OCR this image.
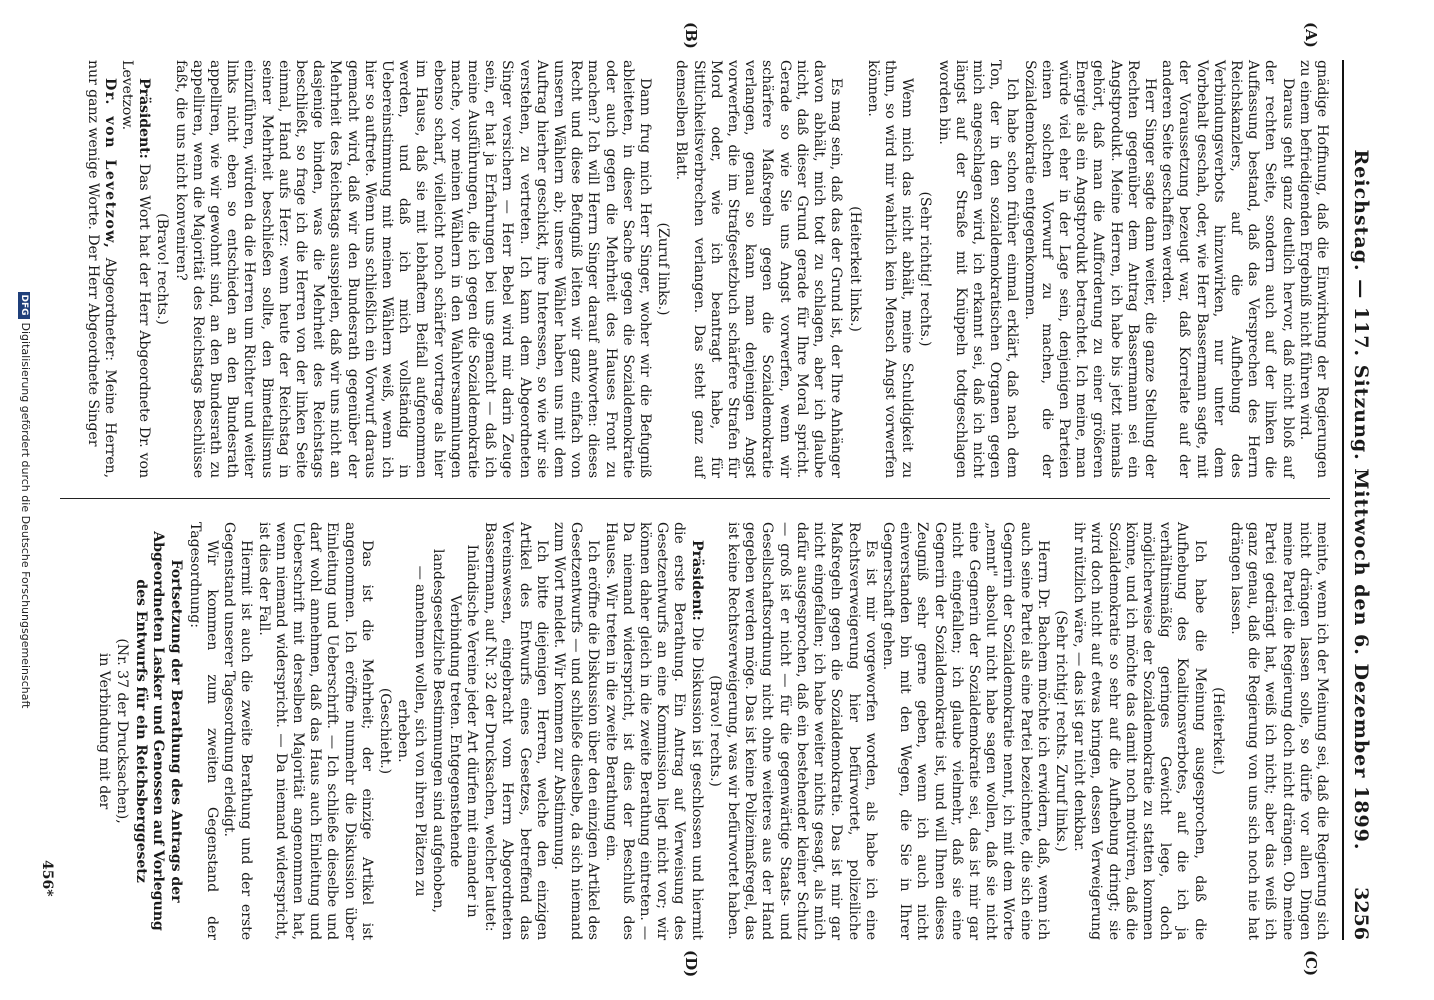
Reichstag. — 117. Sitzung. Mittwoch den 6. Dezember 1899.
3256
(A)
(B)
(C)
(D)

gnädige Hoffnung, daß die Einwirkung der Regierungen zu einem befriedigenden Ergebniß nicht führen wird.

Daraus geht ganz deutlich hervor, daß nicht bloß auf der rechten Seite, sondern auch auf der linken die Auffassung bestand, daß das Versprechen des Herrn Reichskanzlers, auf die Aufhebung des Verbindungsverbots hinzuwirken, nur unter dem Vorbehalt geschah, oder, wie Herr Bassermann sagte, mit der Voraussetzung bezeugt war, daß Korrelate auf der anderen Seite geschaffen werden.

Herr Singer sagte dann weiter, die ganze Stellung der Rechten gegenüber dem Antrag Bassermann sei ein Angstprodukt. Meine Herren, ich habe bis jetzt niemals gehört, daß man die Aufforderung zu einer größeren Energie als ein Angstprodukt betrachtet. Ich meine, man würde viel eher in der Lage sein, denjenigen Parteien einen solchen Vorwurf zu machen, die der Sozialdemokratie entgegenkommen.

Ich habe schon früher einmal erklärt, daß nach dem Ton, der in den sozialdemokratischen Organen gegen mich angeschlagen wird, ich erkannt sei, daß ich nicht längst auf der Straße mit Knüppeln todtgeschlagen worden bin.

(Sehr richtig! rechts.)

Wenn mich das nicht abhält, meine Schuldigkeit zu thun, so wird mir wahrlich kein Mensch Angst vorwerfen können.

(Heiterkeit links.)

Es mag sein, daß das der Grund ist, der Ihre Anhänger davon abhält, mich todt zu schlagen, aber ich glaube nicht, daß dieser Grund gerade für Ihre Moral spricht. Gerade so wie Sie uns Angst vorwerfen, wenn wir schärfere Maßregeln gegen die Sozialdemokratie verlangen, genau so kann man denjenigen Angst vorwerfen, die im Strafgesetzbuch schärfere Strafen für Mord oder, wie ich beantragt habe, für Sittlichkeitsverbrechen verlangen. Das steht ganz auf demselben Blatt.

(Zuruf links.)

Dann frug mich Herr Singer, woher wir die Befugniß ableiteten, in dieser Sache gegen die Sozialdemokratie oder auch gegen die Mehrheit des Hauses Front zu machen? Ich will Herrn Singer darauf antworten: dieses Recht und diese Befugniß leiten wir ganz einfach von unseren Wählern ab; unsere Wähler haben uns mit dem Auftrag hierher geschickt, ihre Interessen, so wie wir sie verstehen, zu vertreten. Ich kann dem Abgeordneten Singer versichern — Herr Bebel wird mir darin Zeuge sein, er hat ja Erfahrungen bei uns gemacht — daß ich meine Ausführungen, die ich gegen die Sozialdemokratie mache, vor meinen Wählern in den Wahlversammlungen ebenso scharf, vielleicht noch schärfer vortrage als hier im Hause, daß sie mit lebhaftem Beifall aufgenommen werden, und daß ich mich vollständig in Uebereinstimmung mit meinen Wählern weiß, wenn ich hier so auftrete. Wenn uns schließlich ein Vorwurf daraus gemacht wird, daß wir den Bundesrath gegenüber der Mehrheit des Reichstags ausspielen, daß wir uns nicht an dasjenige binden, was die Mehrheit des Reichstags beschließt, so frage ich die Herren von der linken Seite einmal, Hand aufs Herz: wenn heute der Reichstag in seiner Mehrheit beschließen sollte, den Bimetallismus einzuführen, würden da die Herren um Richter und weiter links nicht eben so entschieden an den Bundesrath appelliren, wie wir gewohnt sind, an den Bundesrath zu appelliren, wenn die Majorität des Reichstags Beschlüsse faßt, die uns nicht konveniren?

(Bravo! rechts.)

Präsident: Das Wort hat der Herr Abgeordnete Dr. von Levetzow.

Dr. von Levetzow, Abgeordneter: Meine Herren, nur ganz wenige Worte. Der Herr Abgeordnete Singer

meinte, wenn ich der Meinung sei, daß die Regierung sich nicht drängen lassen solle, so dürfe vor allen Dingen meine Partei die Regierung doch nicht drängen. Ob meine Partei gedrängt hat, weiß ich nicht; aber das weiß ich ganz genau, daß die Regierung von uns sich noch nie hat drängen lassen.

(Heiterkeit.)

Ich habe die Meinung ausgesprochen, daß die Aufhebung des Koalitionsverbotes, auf die ich ja verhältnismäßig geringes Gewicht lege, doch möglicherweise der Sozialdemokratie zu statten kommen könne, und ich möchte das damit noch motiviren, daß die Sozialdemokratie so sehr auf die Aufhebung dringt; sie wird doch nicht auf etwas bringen, dessen Verweigerung ihr nützlich wäre, — das ist gar nicht denkbar.

(Sehr richtig! rechts. Zuruf links.)

Herrn Dr. Bachem möchte ich erwidern, daß, wenn ich auch seine Partei als eine Partei bezeichnete, die sich eine Gegnerin der Sozialdemokratie nennt, ich mit dem Worte „nennt" absolut nicht habe sagen wollen, daß sie nicht eine Gegnerin der Sozialdemokratie sei, das ist mir gar nicht eingefallen; ich glaube vielmehr, daß sie eine Gegnerin der Sozialdemokratie ist, und will Ihnen dieses Zeugniß sehr gerne geben, wenn ich auch nicht einverstanden bin mit den Wegen, die Sie in Ihrer Gegnerschaft gehen.

Es ist mir vorgeworfen worden, als habe ich eine Rechtsverweigerung hier befürwortet, polizeiliche Maßregeln gegen die Sozialdemokratie. Das ist mir gar nicht eingefallen; ich habe weiter nichts gesagt, als mich dafür ausgesprochen, daß ein bestehender kleiner Schutz — groß ist er nicht — für die gegenwärtige Staats- und Gesellschaftsordnung nicht ohne weiteres aus der Hand gegeben werden möge. Das ist keine Polizeimaßregel, das ist keine Rechtsverweigerung, was wir befürwortet haben.

(Bravo! rechts.)

Präsident: Die Diskussion ist geschlossen und hiermit die erste Berathung. Ein Antrag auf Verweisung des Gesetzentwurfs an eine Kommission liegt nicht vor; wir können daher gleich in die zweite Berathung eintreten. — Da niemand widerspricht, ist dies der Beschluß des Hauses. Wir treten in die zweite Berathung ein.

Ich eröffne die Diskussion über den einzigen Artikel des Gesetzentwurfs — und schließe dieselbe, da sich niemand zum Wort meldet. Wir kommen zur Abstimmung.

Ich bitte diejenigen Herren, welche den einzigen Artikel des Entwurfs eines Gesetzes, betreffend das Vereinswesen, eingebracht vom Herrn Abgeordneten Bassermann, auf Nr. 32 der Drucksachen, welcher lautet:

Inländische Vereine jeder Art dürfen mit einander in Verbindung treten. Entgegenstehende landesgesetzliche Bestimmungen sind aufgehoben, — annehmen wollen, sich von ihren Plätzen zu erheben.

(Geschieht.)

Das ist die Mehrheit; der einzige Artikel ist angenommen. Ich eröffne nunmehr die Diskussion über Einleitung und Ueberschrift. — Ich schließe dieselbe und darf wohl annehmen, daß das Haus auch Einleitung und Ueberschrift mit derselben Majorität angenommen hat, wenn niemand widerspricht. — Da niemand widerspricht, ist dies der Fall.

Hiermit ist auch die zweite Berathung und der erste Gegenstand unserer Tagesordnung erledigt.

Wir kommen zum zweiten Gegenstand der Tagesordnung:

Fortsetzung der Berathung des Antrags der Abgeordneten Lasker und Genossen auf Vorlegung des Entwurfs für ein Reichsberggesetz

(Nr. 37 der Drucksachen),

in Verbindung mit der

456*
DFGDigitalisierung gefördert durch die Deutsche Forschungsgemeinschaft
